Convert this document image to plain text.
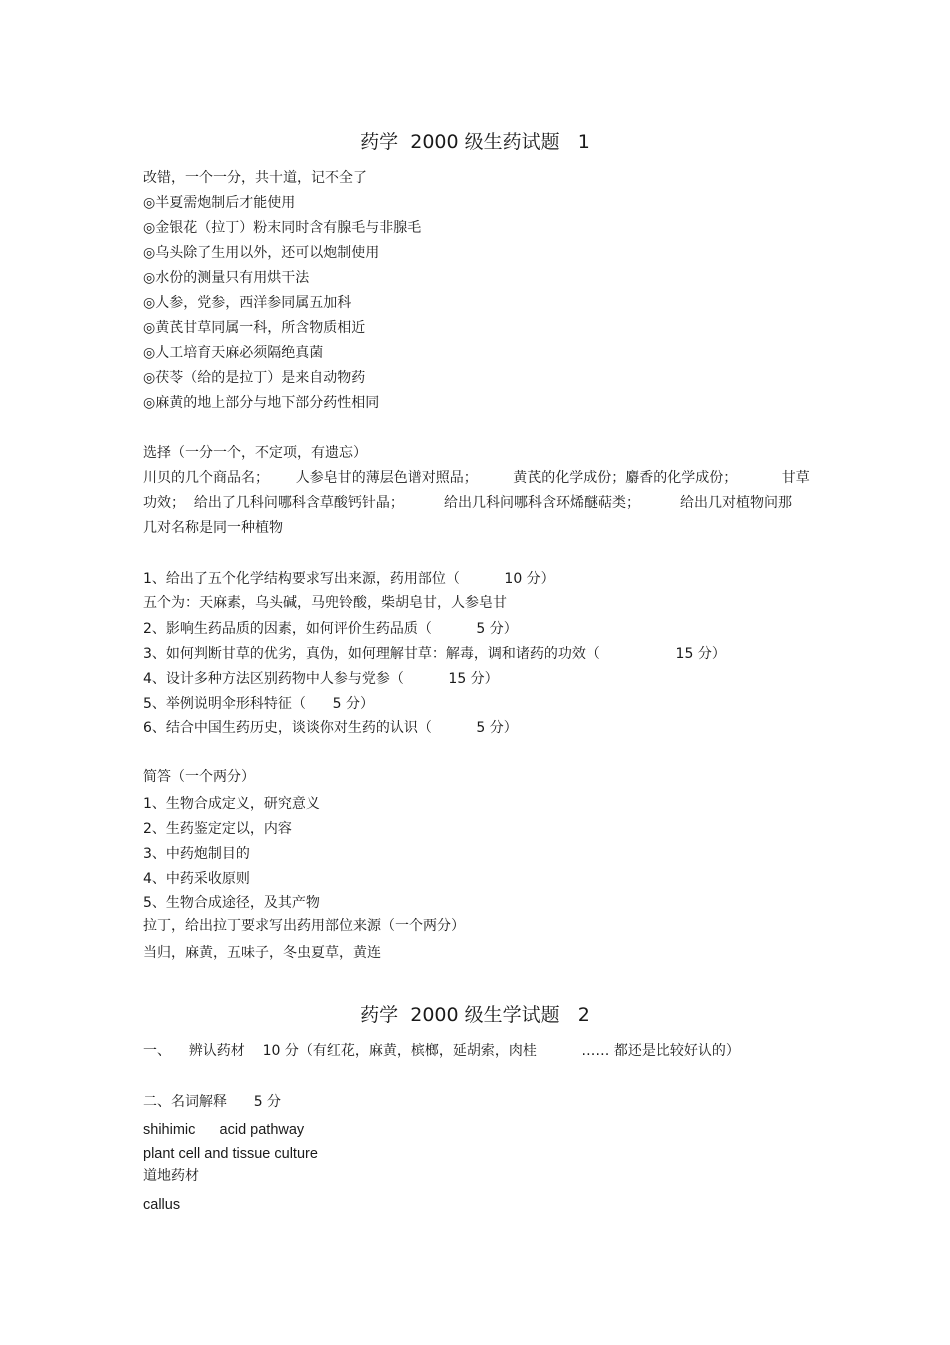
药学  2000 级生药试题   1
改错，一个一分，共十道，记不全了
◎半夏需炮制后才能使用
◎金银花（拉丁）粉末同时含有腺毛与非腺毛
◎乌头除了生用以外，还可以炮制使用
◎水份的测量只有用烘干法
◎人参，党参，西洋参同属五加科
◎黄芪甘草同属一科，所含物质相近
◎人工培育天麻必须隔绝真菌
◎茯苓（给的是拉丁）是来自动物药
◎麻黄的地上部分与地下部分药性相同
选择（一分一个，不定项，有遗忘）
川贝的几个商品名；      人参皂甘的薄层色谱对照品；        黄芪的化学成份；麝香的化学成份；          甘草
功效；  给出了几科问哪科含草酸钙针晶；         给出几科问哪科含环烯醚萜类；         给出几对植物问那
几对名称是同一种植物
1、给出了五个化学结构要求写出来源，药用部位（          10 分）
五个为：天麻素，乌头碱，马兜铃酸，柴胡皂甘，人参皂甘
2、影响生药品质的因素，如何评价生药品质（          5 分）
3、如何判断甘草的优劣，真伪，如何理解甘草：解毒，调和诸药的功效（                 15 分）
4、设计多种方法区别药物中人参与党参（          15 分）
5、举例说明伞形科特征（      5 分）
6、结合中国生药历史，谈谈你对生药的认识（          5 分）
简答（一个两分）
1、生物合成定义，研究意义
2、生药鉴定定以，内容
3、中药炮制目的
4、中药采收原则
5、生物合成途径，及其产物
拉丁，给出拉丁要求写出药用部位来源（一个两分）
当归，麻黄，五味子，冬虫夏草，黄连
药学  2000 级生学试题   2
一、    辨认药材    10 分（有红花，麻黄，槟榔，延胡索，肉桂          …… 都还是比较好认的）
二、名词解释      5 分
shihimic      acid pathway
plant cell and tissue culture
道地药材
callus
